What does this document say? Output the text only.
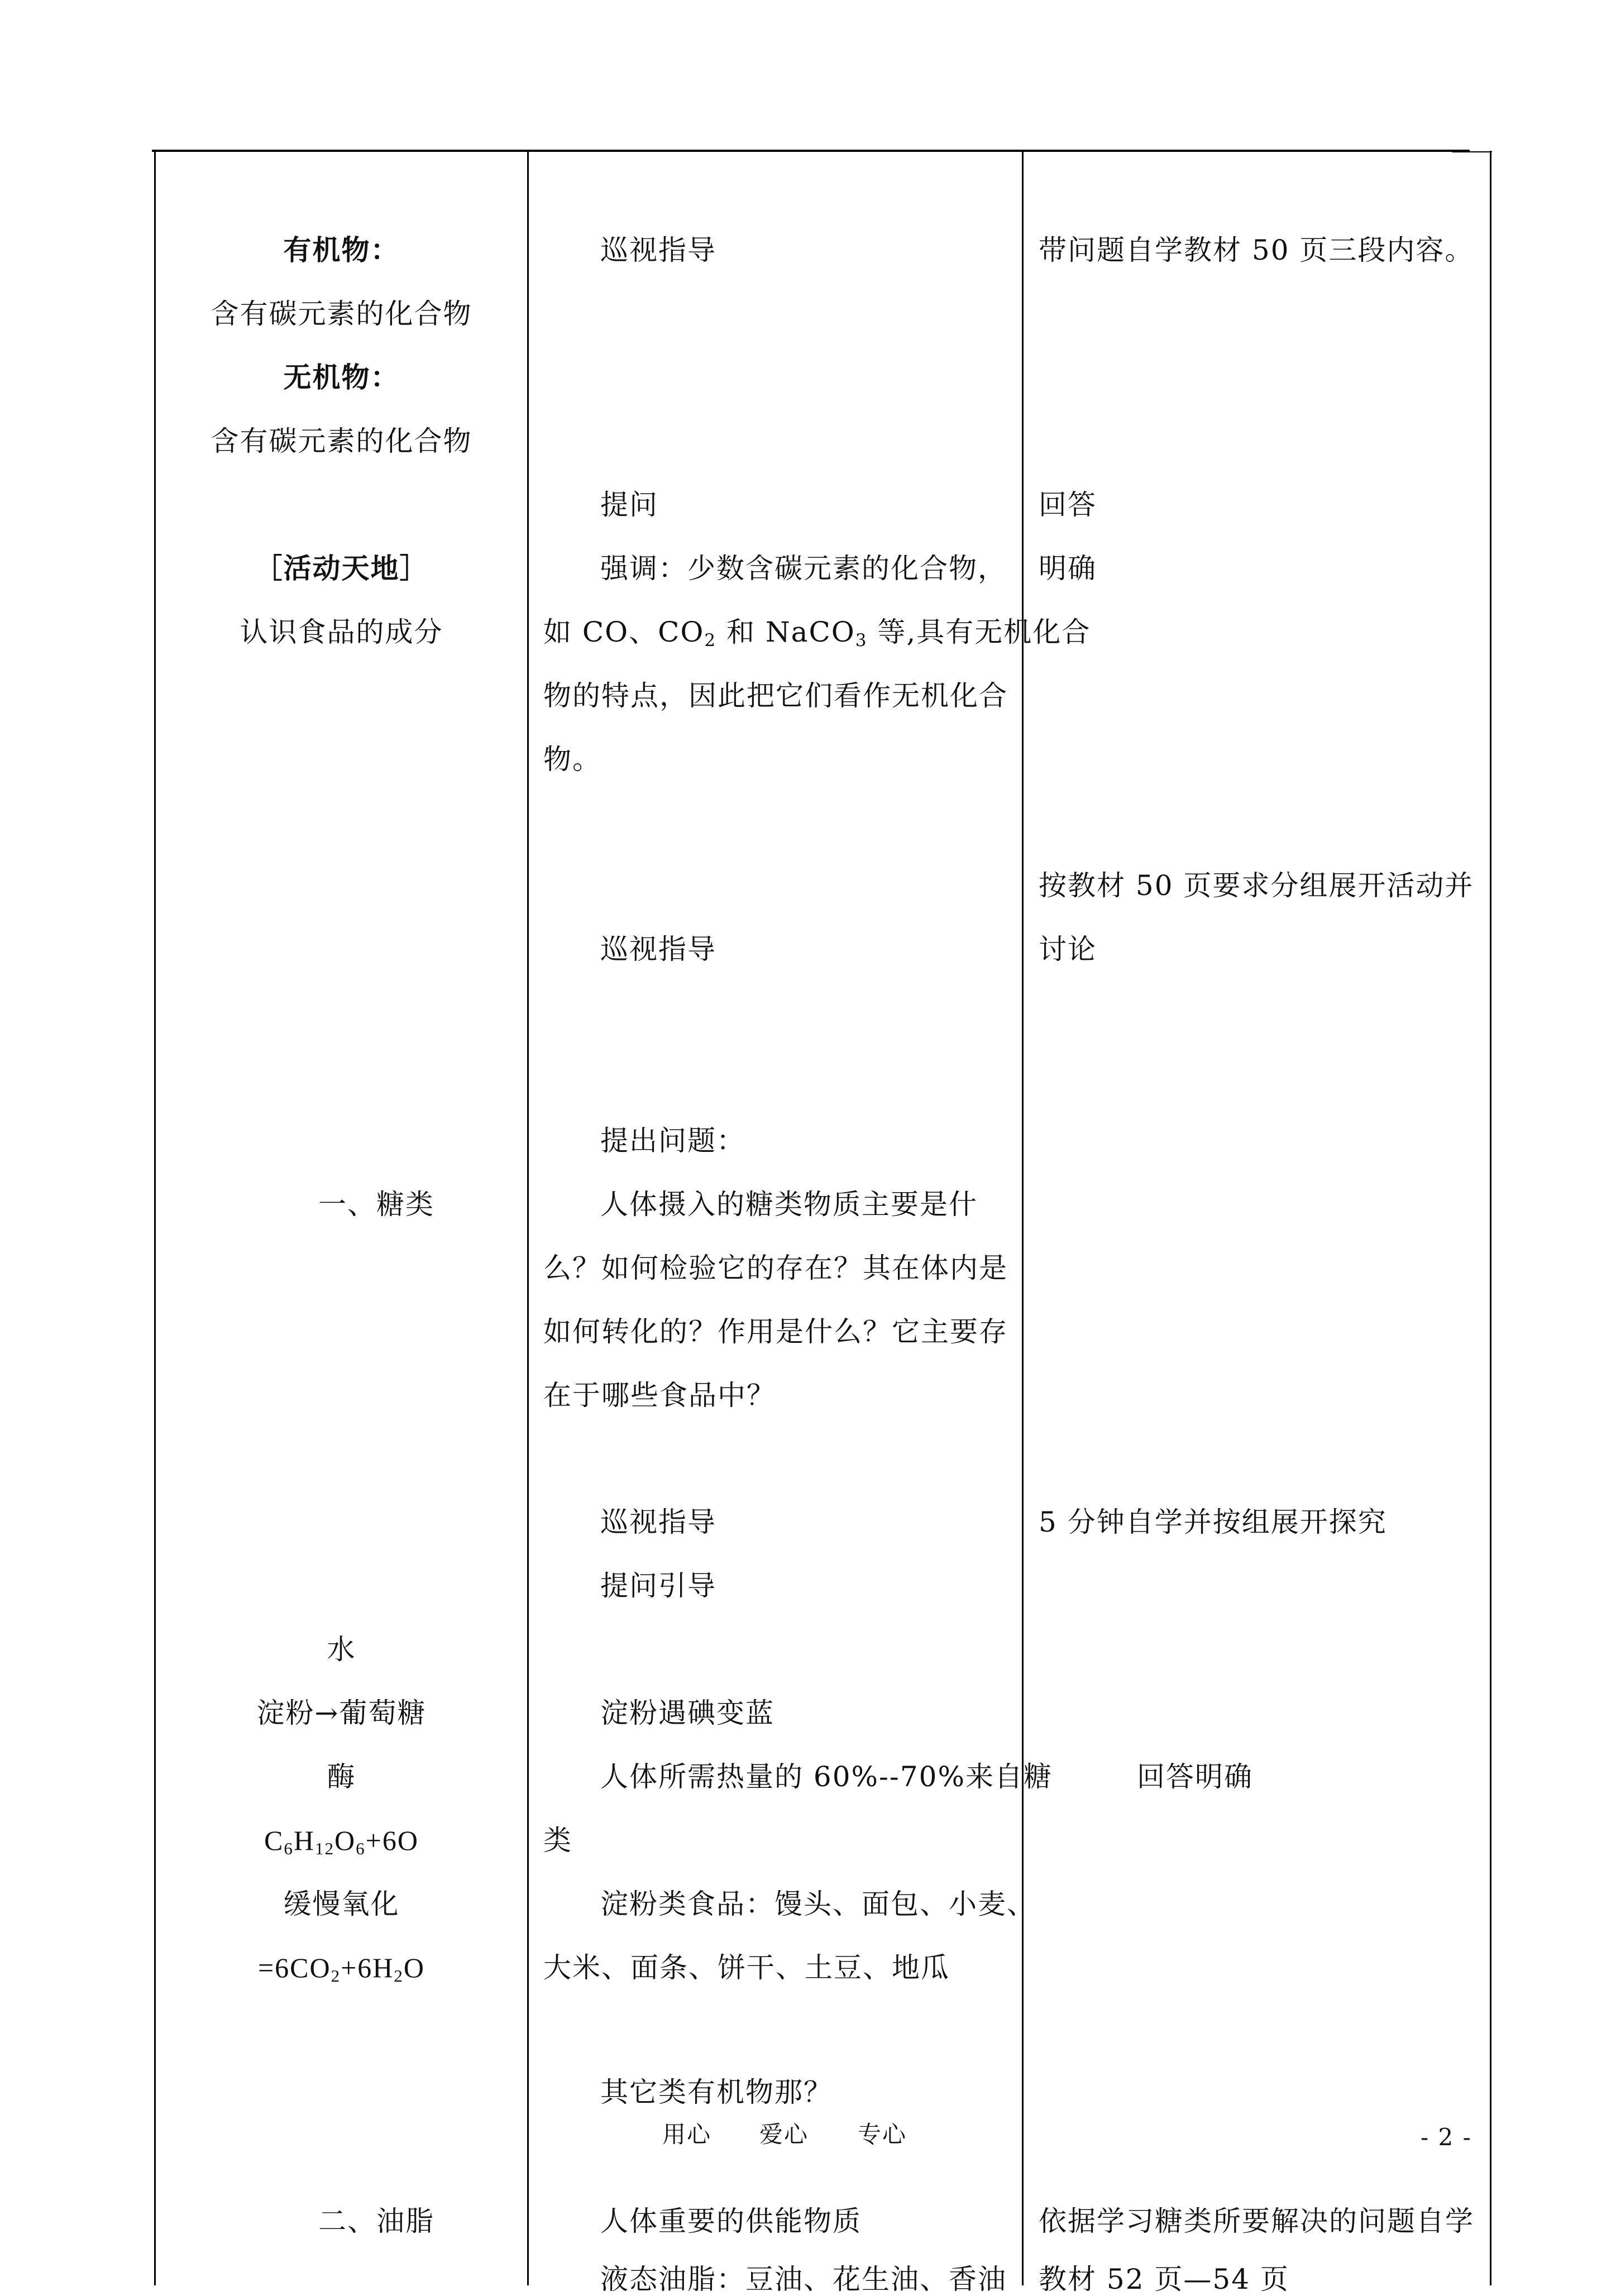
有机物：
含有碳元素的化合物
无机物：
含有碳元素的化合物
［活动天地］
认识食品的成分
一、糖类
水
淀粉→葡萄糖
酶
$C_6H_{12}O_6+6O$
缓慢氧化
$=6CO_2+6H_2O$
二、油脂
巡视指导
提问
强调：少数含碳元素的化合物，
如 CO、$CO_2$ 和 NaCO$_3$ 等,具有无机化合
物的特点，因此把它们看作无机化合
物。
巡视指导
提出问题：
人体摄入的糖类物质主要是什
么？如何检验它的存在？其在体内是
如何转化的？作用是什么？它主要存
在于哪些食品中？
巡视指导
提问引导
淀粉遇碘变蓝
人体所需热量的 60%--70%来自糖
类
淀粉类食品：馒头、面包、小麦、
大米、面条、饼干、土豆、地瓜
其它类有机物那？
人体重要的供能物质
液态油脂：豆油、花生油、香油
带问题自学教材 50 页三段内容。
回答
明确
按教材 50 页要求分组展开活动并
讨论
5 分钟自学并按组展开探究
回答明确
依据学习糖类所要解决的问题自学
教材 52 页—54 页
用心 爱心 专心	- 2 -
